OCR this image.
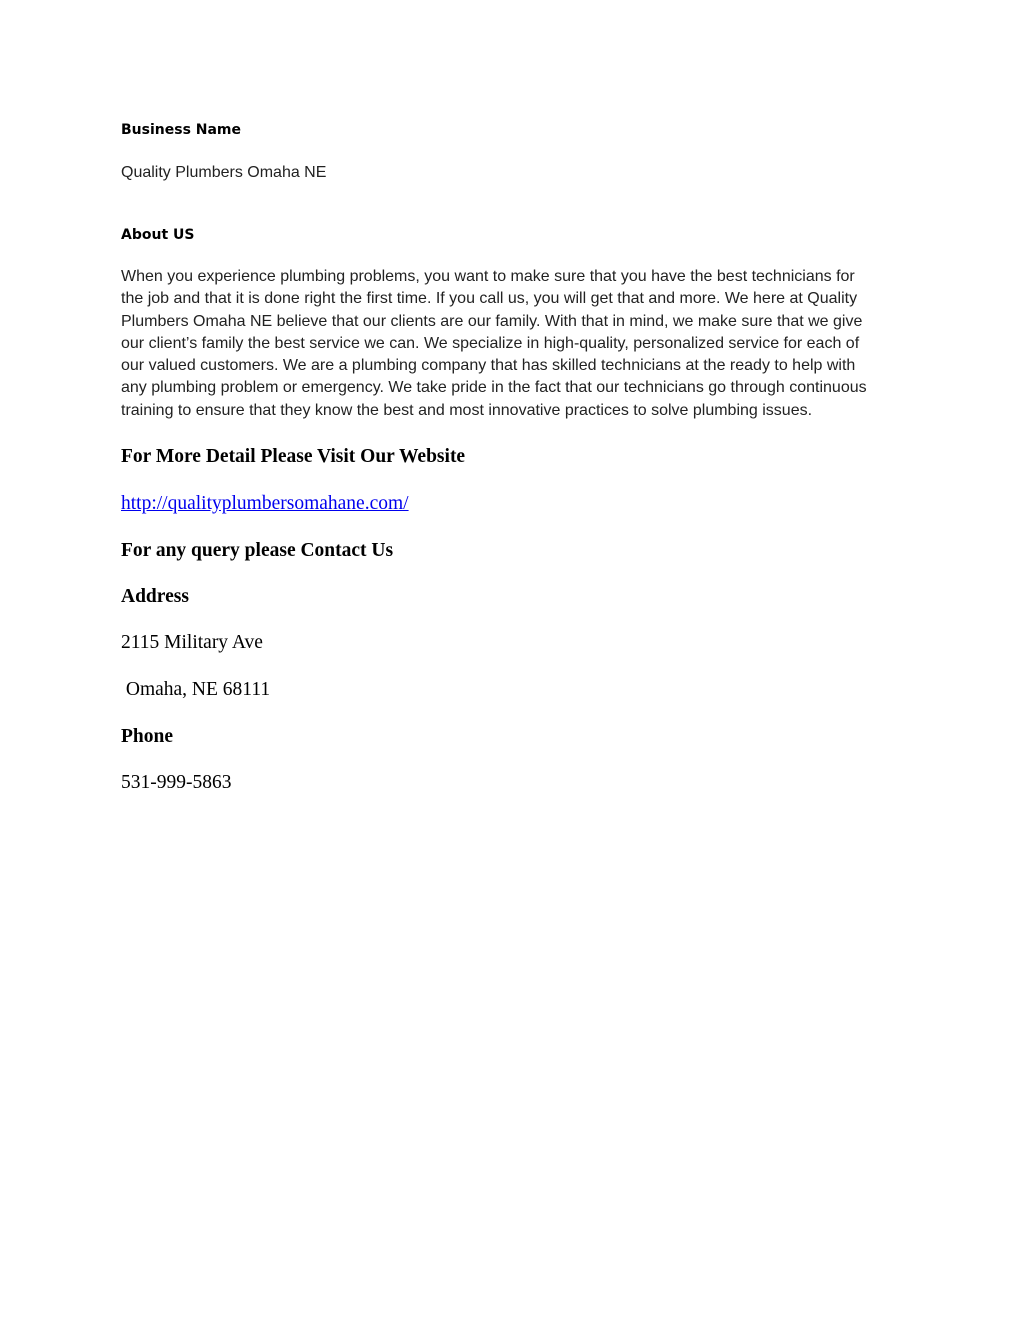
Business Name
Quality Plumbers Omaha NE
About US
When you experience plumbing problems, you want to make sure that you have the best technicians for
the job and that it is done right the first time. If you call us, you will get that and more. We here at Quality
Plumbers Omaha NE believe that our clients are our family. With that in mind, we make sure that we give
our client’s family the best service we can. We specialize in high-quality, personalized service for each of
our valued customers. We are a plumbing company that has skilled technicians at the ready to help with
any plumbing problem or emergency. We take pride in the fact that our technicians go through continuous
training to ensure that they know the best and most innovative practices to solve plumbing issues.
For More Detail Please Visit Our Website
http://qualityplumbersomahane.com/
For any query please Contact Us
Address
2115 Military Ave
Omaha, NE 68111
Phone
531-999-5863
